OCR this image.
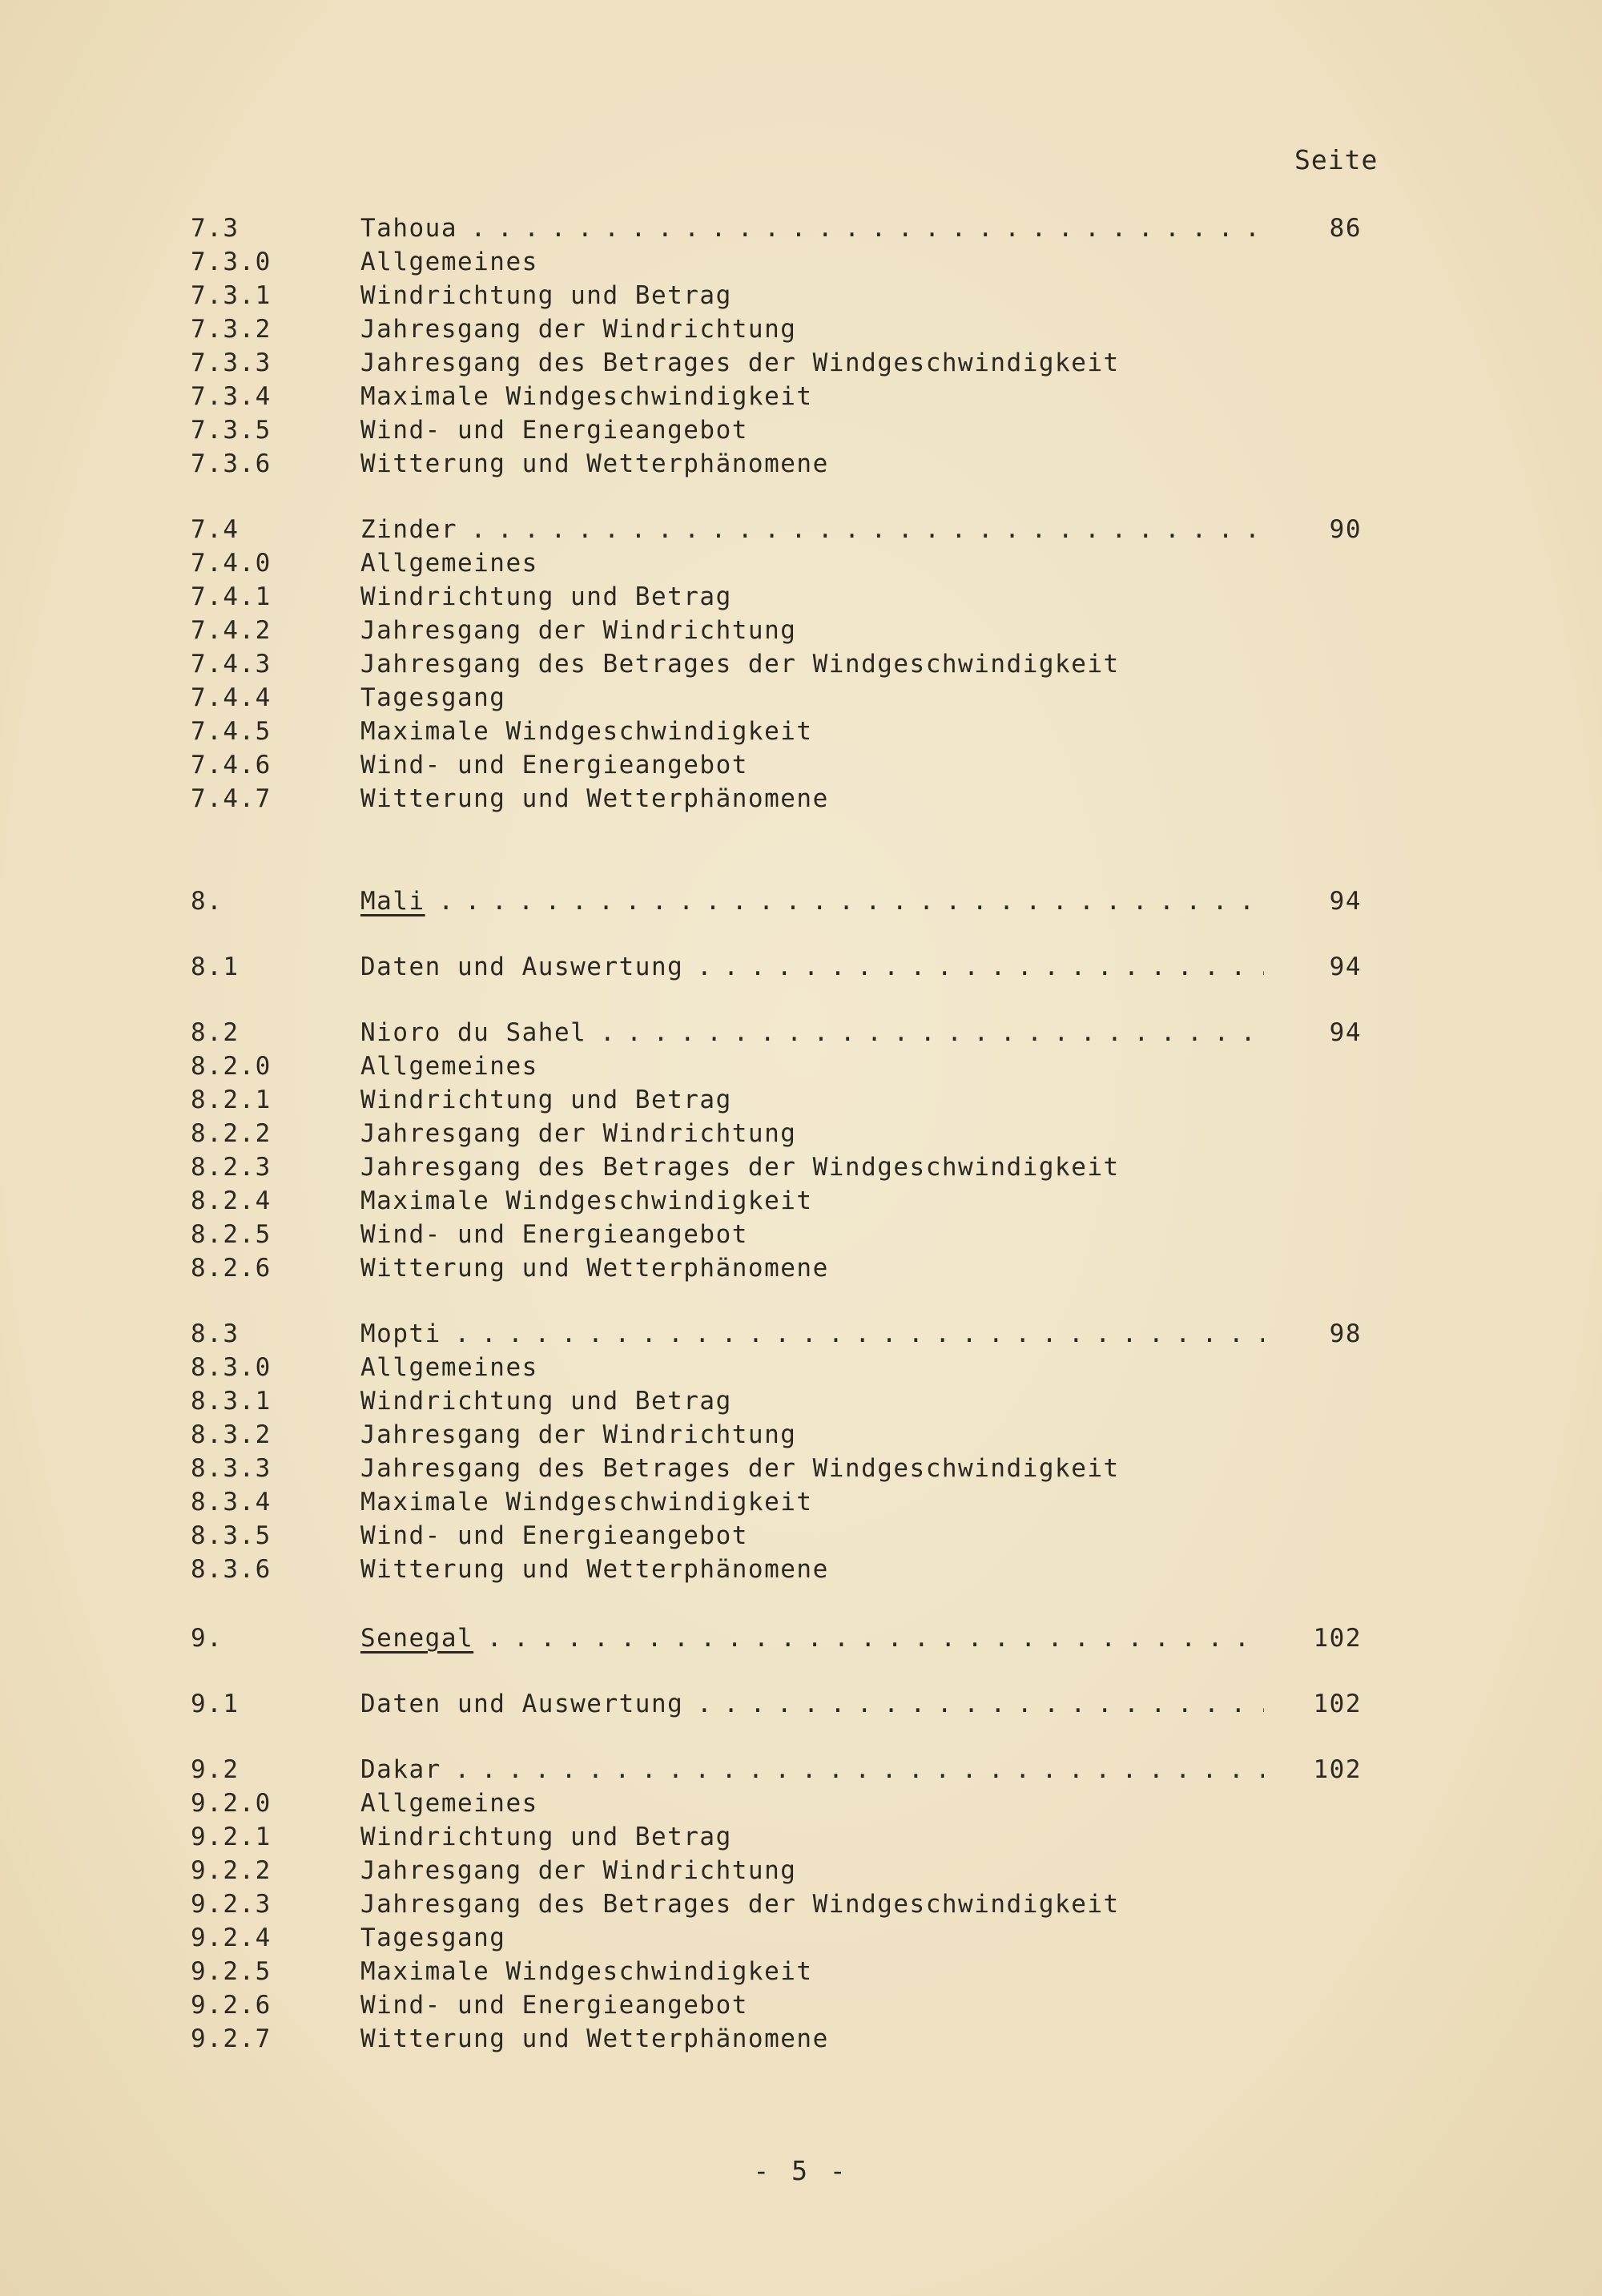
Seite
7.3	Tahoua . . .	86
7.3.0	Allgemeines
7.3.1	Windrichtung und Betrag
7.3.2	Jahresgang der Windrichtung
7.3.3	Jahresgang des Betrages der Windgeschwindigkeit
7.3.4	Maximale Windgeschwindigkeit
7.3.5	Wind- und Energieangebot
7.3.6	Witterung und Wetterphänomene
7.4	Zinder . . .	90
7.4.0	Allgemeines
7.4.1	Windrichtung und Betrag
7.4.2	Jahresgang der Windrichtung
7.4.3	Jahresgang des Betrages der Windgeschwindigkeit
7.4.4	Tagesgang
7.4.5	Maximale Windgeschwindigkeit
7.4.6	Wind- und Energieangebot
7.4.7	Witterung und Wetterphänomene
8.	Mali . . .	94
8.1	Daten und Auswertung . . .	94
8.2	Nioro du Sahel . . .	94
8.2.0	Allgemeines
8.2.1	Windrichtung und Betrag
8.2.2	Jahresgang der Windrichtung
8.2.3	Jahresgang des Betrages der Windgeschwindigkeit
8.2.4	Maximale Windgeschwindigkeit
8.2.5	Wind- und Energieangebot
8.2.6	Witterung und Wetterphänomene
8.3	Mopti . . .	98
8.3.0	Allgemeines
8.3.1	Windrichtung und Betrag
8.3.2	Jahresgang der Windrichtung
8.3.3	Jahresgang des Betrages der Windgeschwindigkeit
8.3.4	Maximale Windgeschwindigkeit
8.3.5	Wind- und Energieangebot
8.3.6	Witterung und Wetterphänomene
9.	Senegal . . .	102
9.1	Daten und Auswertung . . .	102
9.2	Dakar . . .	102
9.2.0	Allgemeines
9.2.1	Windrichtung und Betrag
9.2.2	Jahresgang der Windrichtung
9.2.3	Jahresgang des Betrages der Windgeschwindigkeit
9.2.4	Tagesgang
9.2.5	Maximale Windgeschwindigkeit
9.2.6	Wind- und Energieangebot
9.2.7	Witterung und Wetterphänomene
- 5 -
